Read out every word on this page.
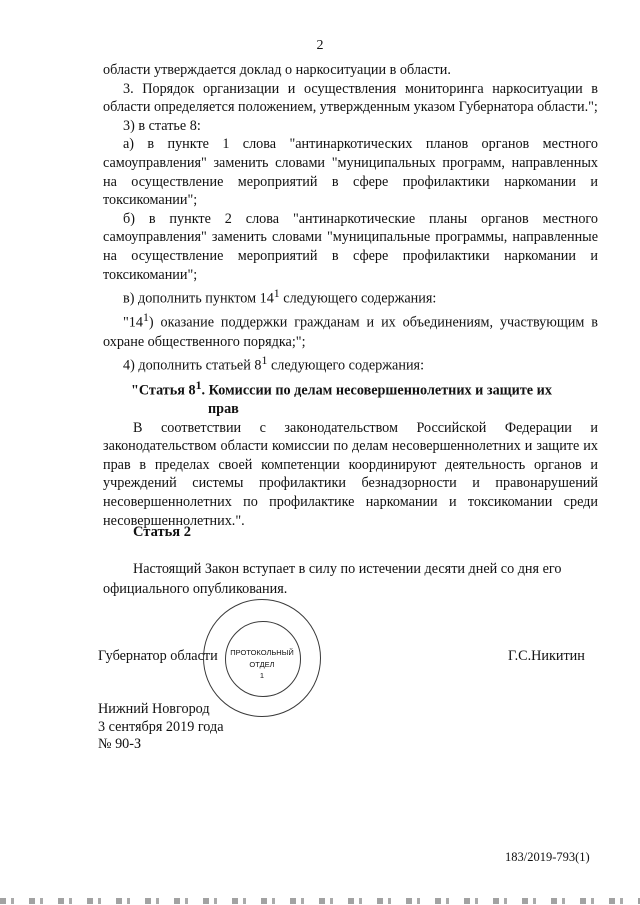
2

области утверждается доклад о наркоситуации в области.

3. Порядок организации и осуществления мониторинга наркоситуации в области определяется положением, утвержденным указом Губернатора области.";

3) в статье 8:

а) в пункте 1 слова "антинаркотических планов органов местного самоуправления" заменить словами "муниципальных программ, направленных на осуществление мероприятий в сфере профилактики наркомании и токсикомании";

б) в пункте 2 слова "антинаркотические планы органов местного самоуправления" заменить словами "муниципальные программы, направленные на осуществление мероприятий в сфере профилактики наркомании и токсикомании";

в) дополнить пунктом $14^1$ следующего содержания:

"$14^1$) оказание поддержки гражданам и их объединениям, участвующим в охране общественного порядка;";

4) дополнить статьей $8^1$ следующего содержания:

"Статья $8^1$. Комиссии по делам несовершеннолетних и защите их

прав

В соответствии с законодательством Российской Федерации и законодательством области комиссии по делам несовершеннолетних и защите их прав в пределах своей компетенции координируют деятельность органов и учреждений системы профилактики безнадзорности и правонарушений несовершеннолетних по профилактике наркомании и токсикомании среди несовершеннолетних.".

Статья 2

Настоящий Закон вступает в силу по истечении десяти дней со дня его официального опубликования.

ПРОТОКОЛЬНЫЙ
ОТДЕЛ
1
Губернатор области	Г.С.Никитин
Нижний Новгород
3 сентября 2019 года
№ 90-З
183/2019-793(1)
